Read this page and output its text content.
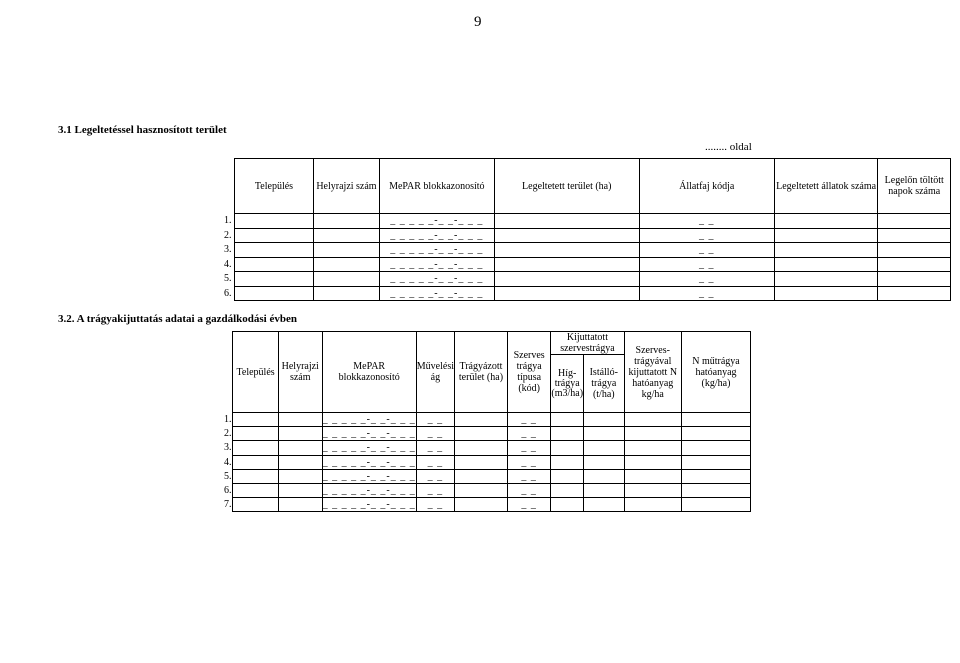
9
3.1 Legeltetéssel hasznosított terület
........ oldal
	Település	Helyrajzi szám	MePAR blokkazonosító	Legeltetett terület (ha)	Állatfaj kódja	Legeltetett állatok száma	Legelőn töltött napok száma
1.			_ _ _ _ _-_ _-_ _ _		_ _		
2.			_ _ _ _ _-_ _-_ _ _		_ _		
3.			_ _ _ _ _-_ _-_ _ _		_ _		
4.			_ _ _ _ _-_ _-_ _ _		_ _		
5.			_ _ _ _ _-_ _-_ _ _		_ _		
6.			_ _ _ _ _-_ _-_ _ _		_ _		
3.2. A trágyakijuttatás adatai a gazdálkodási évben
	Település	Helyrajzi szám	MePAR blokkazonosító	Művelési ág	Trágyázott terület (ha)	Szerves trágya típusa (kód)	Kijuttatott szervestrágya		Szerves-trágyával kijuttatott N hatóanyag kg/ha	N műtrágya hatóanyag (kg/ha)
							Híg-trágya (m3/ha)	Istálló-trágya (t/ha)		
1.			_ _ _ _ _-_ _-_ _ _	_ _		_ _				
2.			_ _ _ _ _-_ _-_ _ _	_ _		_ _				
3.			_ _ _ _ _-_ _-_ _ _	_ _		_ _				
4.			_ _ _ _ _-_ _-_ _ _	_ _		_ _				
5.			_ _ _ _ _-_ _-_ _ _	_ _		_ _				
6.			_ _ _ _ _-_ _-_ _ _	_ _		_ _				
7.			_ _ _ _ _-_ _-_ _ _	_ _		_ _				
